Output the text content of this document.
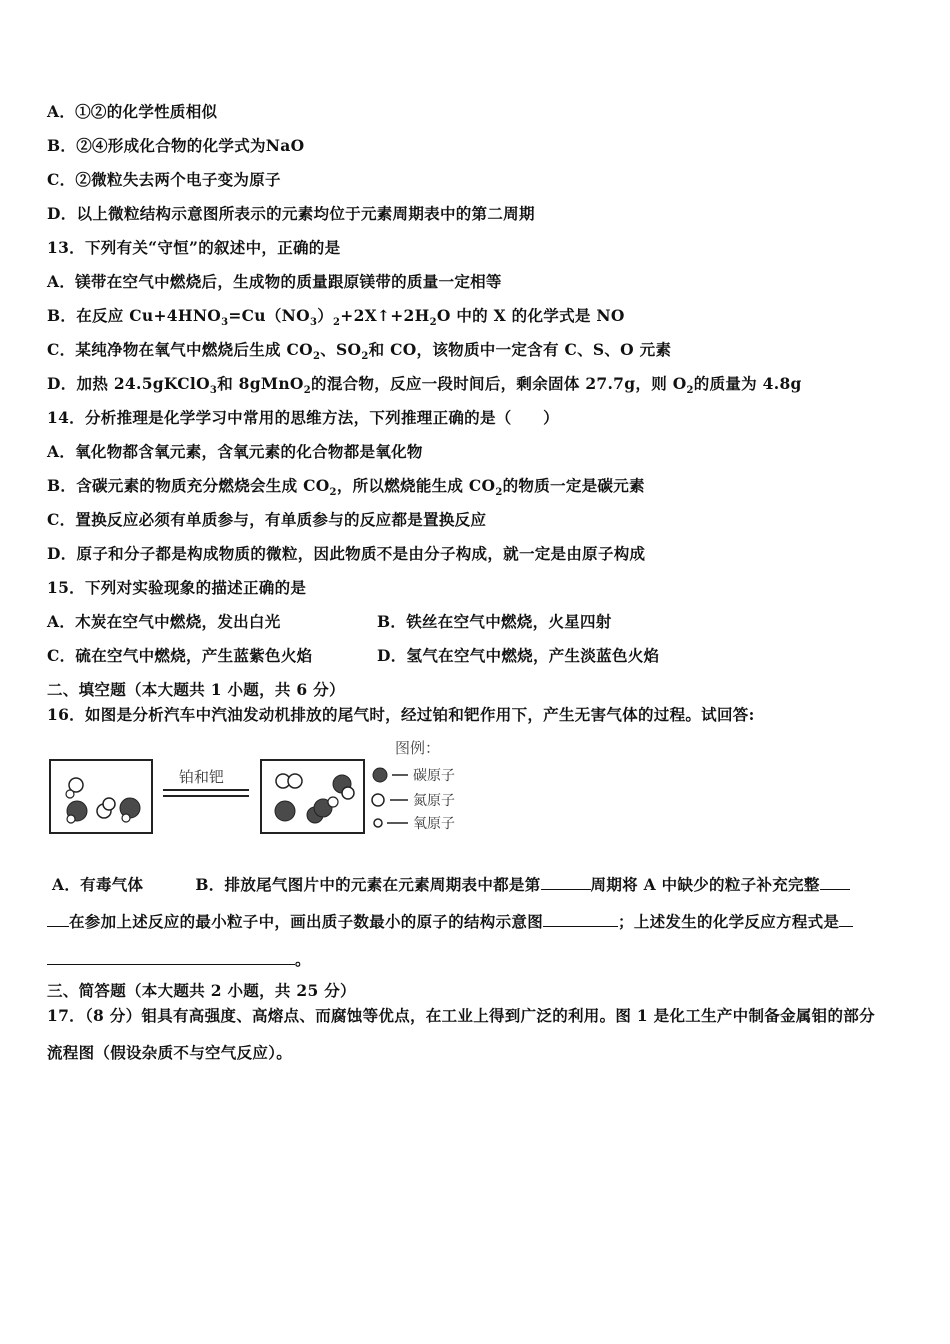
A．①②的化学性质相似
B．②④形成化合物的化学式为NaO
C．②微粒失去两个电子变为原子
D．以上微粒结构示意图所表示的元素均位于元素周期表中的第二周期
13．下列有关“守恒”的叙述中，正确的是
A．镁带在空气中燃烧后，生成物的质量跟原镁带的质量一定相等
B．在反应 $Cu+4HNO_3=Cu(NO_3)_2+2X↑+2H_2O$ 中的 X 的化学式是 NO
C．某纯净物在氧气中燃烧后生成 $CO_2$、$SO_2$和 CO，该物质中一定含有 C、S、O 元素
D．加热 24.5gKClO$_3$和 8gMnO$_2$的混合物，反应一段时间后，剩余固体 27.7g，则 $O_2$的质量为 4.8g
14．分析推理是化学学习中常用的思维方法，下列推理正确的是（　　）
A．氧化物都含氧元素，含氧元素的化合物都是氧化物
B．含碳元素的物质充分燃烧会生成 $CO_2$，所以燃烧能生成 $CO_2$的物质一定是碳元素
C．置换反应必须有单质参与，有单质参与的反应都是置换反应
D．原子和分子都是构成物质的微粒，因此物质不是由分子构成，就一定是由原子构成
15．下列对实验现象的描述正确的是
A．木炭在空气中燃烧，发出白光	B．铁丝在空气中燃烧，火星四射
C．硫在空气中燃烧，产生蓝紫色火焰	D．氢气在空气中燃烧，产生淡蓝色火焰
二、填空题（本大题共 1 小题，共 6 分）
16．如图是分析汽车中汽油发动机排放的尾气时，经过铂和钯作用下，产生无害气体的过程。试回答:
铂和钯
图例：
碳原子
氮原子
氧原子
A．有毒气体	B．排放尾气图片中的元素在元素周期表中都是第	周期将 A 中缺少的粒子补充完整
在参加上述反应的最小粒子中，画出质子数最小的原子的结构示意图	；上述发生的化学反应方程式是
。
三、简答题（本大题共 2 小题，共 25 分）
17．（8 分）钼具有高强度、高熔点、而腐蚀等优点，在工业上得到广泛的利用。图 1 是化工生产中制备金属钼的部分
流程图（假设杂质不与空气反应）。
